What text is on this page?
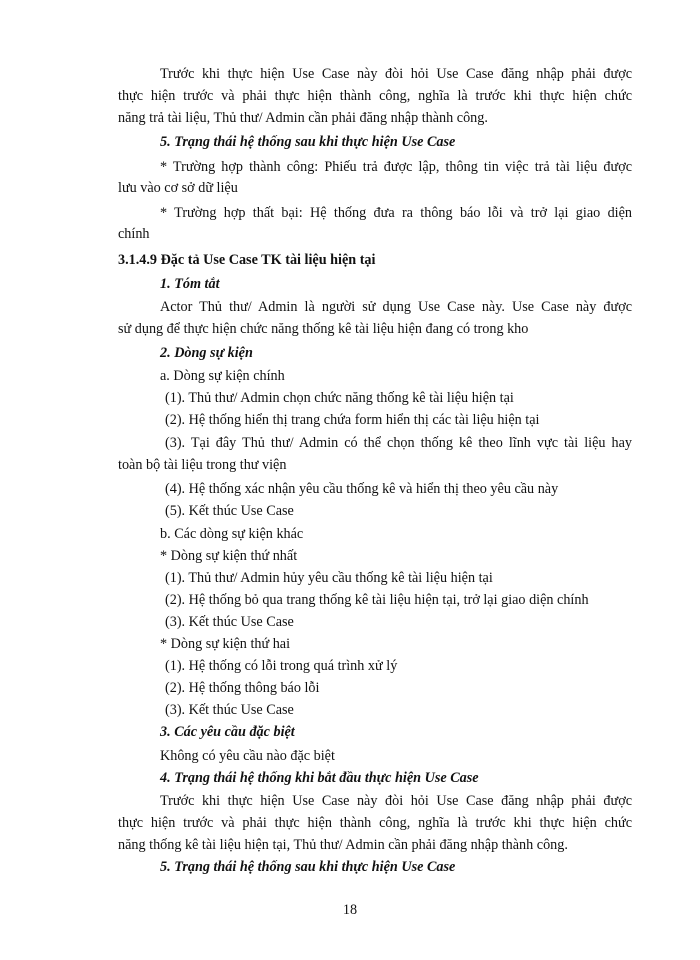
18
Trước khi thực hiện Use Case này đòi hỏi Use Case đăng nhập phải được
thực hiện trước và phải thực hiện thành công, nghĩa là trước khi thực hiện chức
năng trả tài liệu, Thủ thư/ Admin cần phải đăng nhập thành công.
5. Trạng thái hệ thống sau khi thực hiện Use Case
* Trường hợp thành công: Phiếu trả được lập, thông tin việc trả tài liệu được
lưu vào cơ sở dữ liệu
* Trường hợp thất bại: Hệ thống đưa ra thông báo lỗi và trở lại giao diện
chính
3.1.4.9 Đặc tả Use Case TK tài liệu hiện tại
1. Tóm tắt
Actor Thủ thư/ Admin là người sử dụng Use Case này. Use Case này được
sử dụng để thực hiện chức năng thống kê tài liệu hiện đang có trong kho
2. Dòng sự kiện
a. Dòng sự kiện chính
(1). Thủ thư/ Admin chọn chức năng thống kê tài liệu hiện tại
(2). Hệ thống hiển thị trang chứa form hiển thị các tài liệu hiện tại
(3). Tại đây Thủ thư/ Admin có thể chọn thống kê theo lĩnh vực tài liệu hay
toàn bộ tài liệu trong thư viện
(4). Hệ thống xác nhận yêu cầu thống kê và hiển thị theo yêu cầu này
(5). Kết thúc Use Case
b. Các dòng sự kiện khác
* Dòng sự kiện thứ nhất
(1). Thủ thư/ Admin hủy yêu cầu thống kê tài liệu hiện tại
(2). Hệ thống bỏ qua trang thống kê tài liệu hiện tại, trở lại giao diện chính
(3). Kết thúc Use Case
* Dòng sự kiện thứ hai
(1). Hệ thống có lỗi trong quá trình xử lý
(2). Hệ thống thông báo lỗi
(3). Kết thúc Use Case
3. Các yêu cầu đặc biệt
Không có yêu cầu nào đặc biệt
4. Trạng thái hệ thống khi bắt đầu thực hiện Use Case
Trước khi thực hiện Use Case này đòi hỏi Use Case đăng nhập phải được
thực hiện trước và phải thực hiện thành công, nghĩa là trước khi thực hiện chức
năng thống kê tài liệu hiện tại, Thủ thư/ Admin cần phải đăng nhập thành công.
5. Trạng thái hệ thống sau khi thực hiện Use Case
